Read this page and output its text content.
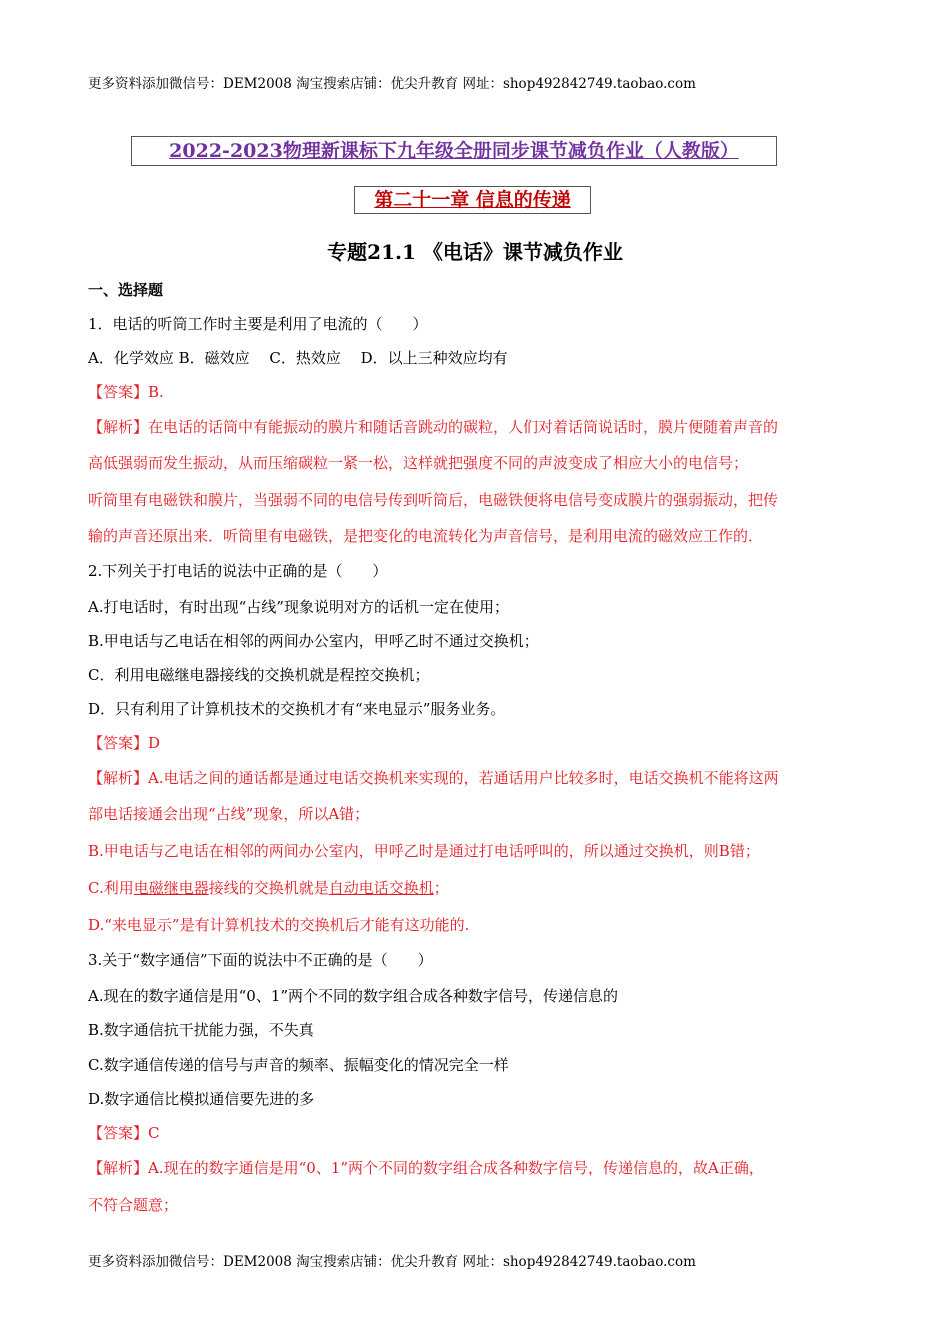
更多资料添加微信号：DEM2008 淘宝搜索店铺：优尖升教育 网址：shop492842749.taobao.com
2022-2023物理新课标下九年级全册同步课节减负作业（人教版）
第二十一章 信息的传递
专题21.1 《电话》课节减负作业
一、选择题
1．电话的听筒工作时主要是利用了电流的（　　）
A．化学效应 B．磁效应　 C．热效应　 D．以上三种效应均有
【答案】B.
【解析】在电话的话筒中有能振动的膜片和随话音跳动的碳粒，人们对着话筒说话时，膜片便随着声音的
高低强弱而发生振动，从而压缩碳粒一紧一松，这样就把强度不同的声波变成了相应大小的电信号；
听筒里有电磁铁和膜片，当强弱不同的电信号传到听筒后，电磁铁便将电信号变成膜片的强弱振动，把传
输的声音还原出来．听筒里有电磁铁，是把变化的电流转化为声音信号，是利用电流的磁效应工作的．
2.下列关于打电话的说法中正确的是（　　）
A.打电话时，有时出现“占线”现象说明对方的话机一定在使用；
B.甲电话与乙电话在相邻的两间办公室内，甲呼乙时不通过交换机；
C．利用电磁继电器接线的交换机就是程控交换机；
D．只有利用了计算机技术的交换机才有“来电显示”服务业务。
【答案】D
【解析】A.电话之间的通话都是通过电话交换机来实现的，若通话用户比较多时，电话交换机不能将这两
部电话接通会出现“占线”现象，所以A错；
B.甲电话与乙电话在相邻的两间办公室内，甲呼乙时是通过打电话呼叫的，所以通过交换机，则B错；
C.利用电磁继电器接线的交换机就是自动电话交换机；
D.“来电显示”是有计算机技术的交换机后才能有这功能的.
3.关于“数字通信”下面的说法中不正确的是（　　）
A.现在的数字通信是用“0、1”两个不同的数字组合成各种数字信号，传递信息的
B.数字通信抗干扰能力强，不失真
C.数字通信传递的信号与声音的频率、振幅变化的情况完全一样
D.数字通信比模拟通信要先进的多
【答案】C
【解析】A.现在的数字通信是用“0、1”两个不同的数字组合成各种数字信号，传递信息的，故A正确，
不符合题意；
更多资料添加微信号：DEM2008 淘宝搜索店铺：优尖升教育 网址：shop492842749.taobao.com
